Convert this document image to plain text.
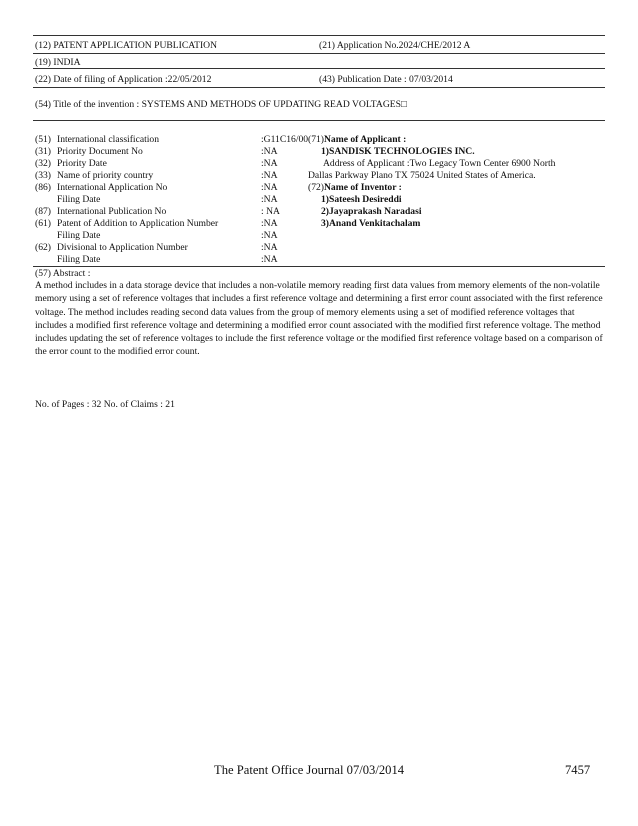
(12) PATENT APPLICATION PUBLICATION	(21) Application No.2024/CHE/2012 A
(19) INDIA
(22) Date of filing of Application :22/05/2012	(43) Publication Date : 07/03/2014
(54) Title of the invention : SYSTEMS AND METHODS OF UPDATING READ VOLTAGES□
(51) International classification	:G11C16/00
(31) Priority Document No	:NA
(32) Priority Date	:NA
(33) Name of priority country	:NA
(86) International Application No	:NA
Filing Date	:NA
(87) International Publication No	: NA
(61) Patent of Addition to Application Number	:NA
Filing Date	:NA
(62) Divisional to Application Number	:NA
Filing Date	:NA
(71)Name of Applicant :
1)SANDISK TECHNOLOGIES INC.
Address of Applicant :Two Legacy Town Center 6900 North
Dallas Parkway Plano TX 75024 United States of America.
(72)Name of Inventor :
1)Sateesh Desireddi
2)Jayaprakash Naradasi
3)Anand Venkitachalam
(57) Abstract :
A method includes in a data storage device that includes a non-volatile memory reading first data values from memory elements of the non-volatile memory using a set of reference voltages that includes a first reference voltage and determining a first error count associated with the first reference voltage. The method includes reading second data values from the group of memory elements using a set of modified reference voltages that includes a modified first reference voltage and determining a modified error count associated with the modified first reference voltage. The method includes updating the set of reference voltages to include the first reference voltage or the modified first reference voltage based on a comparison of the error count to the modified error count.
No. of Pages : 32 No. of Claims : 21
The Patent Office Journal 07/03/2014	7457
